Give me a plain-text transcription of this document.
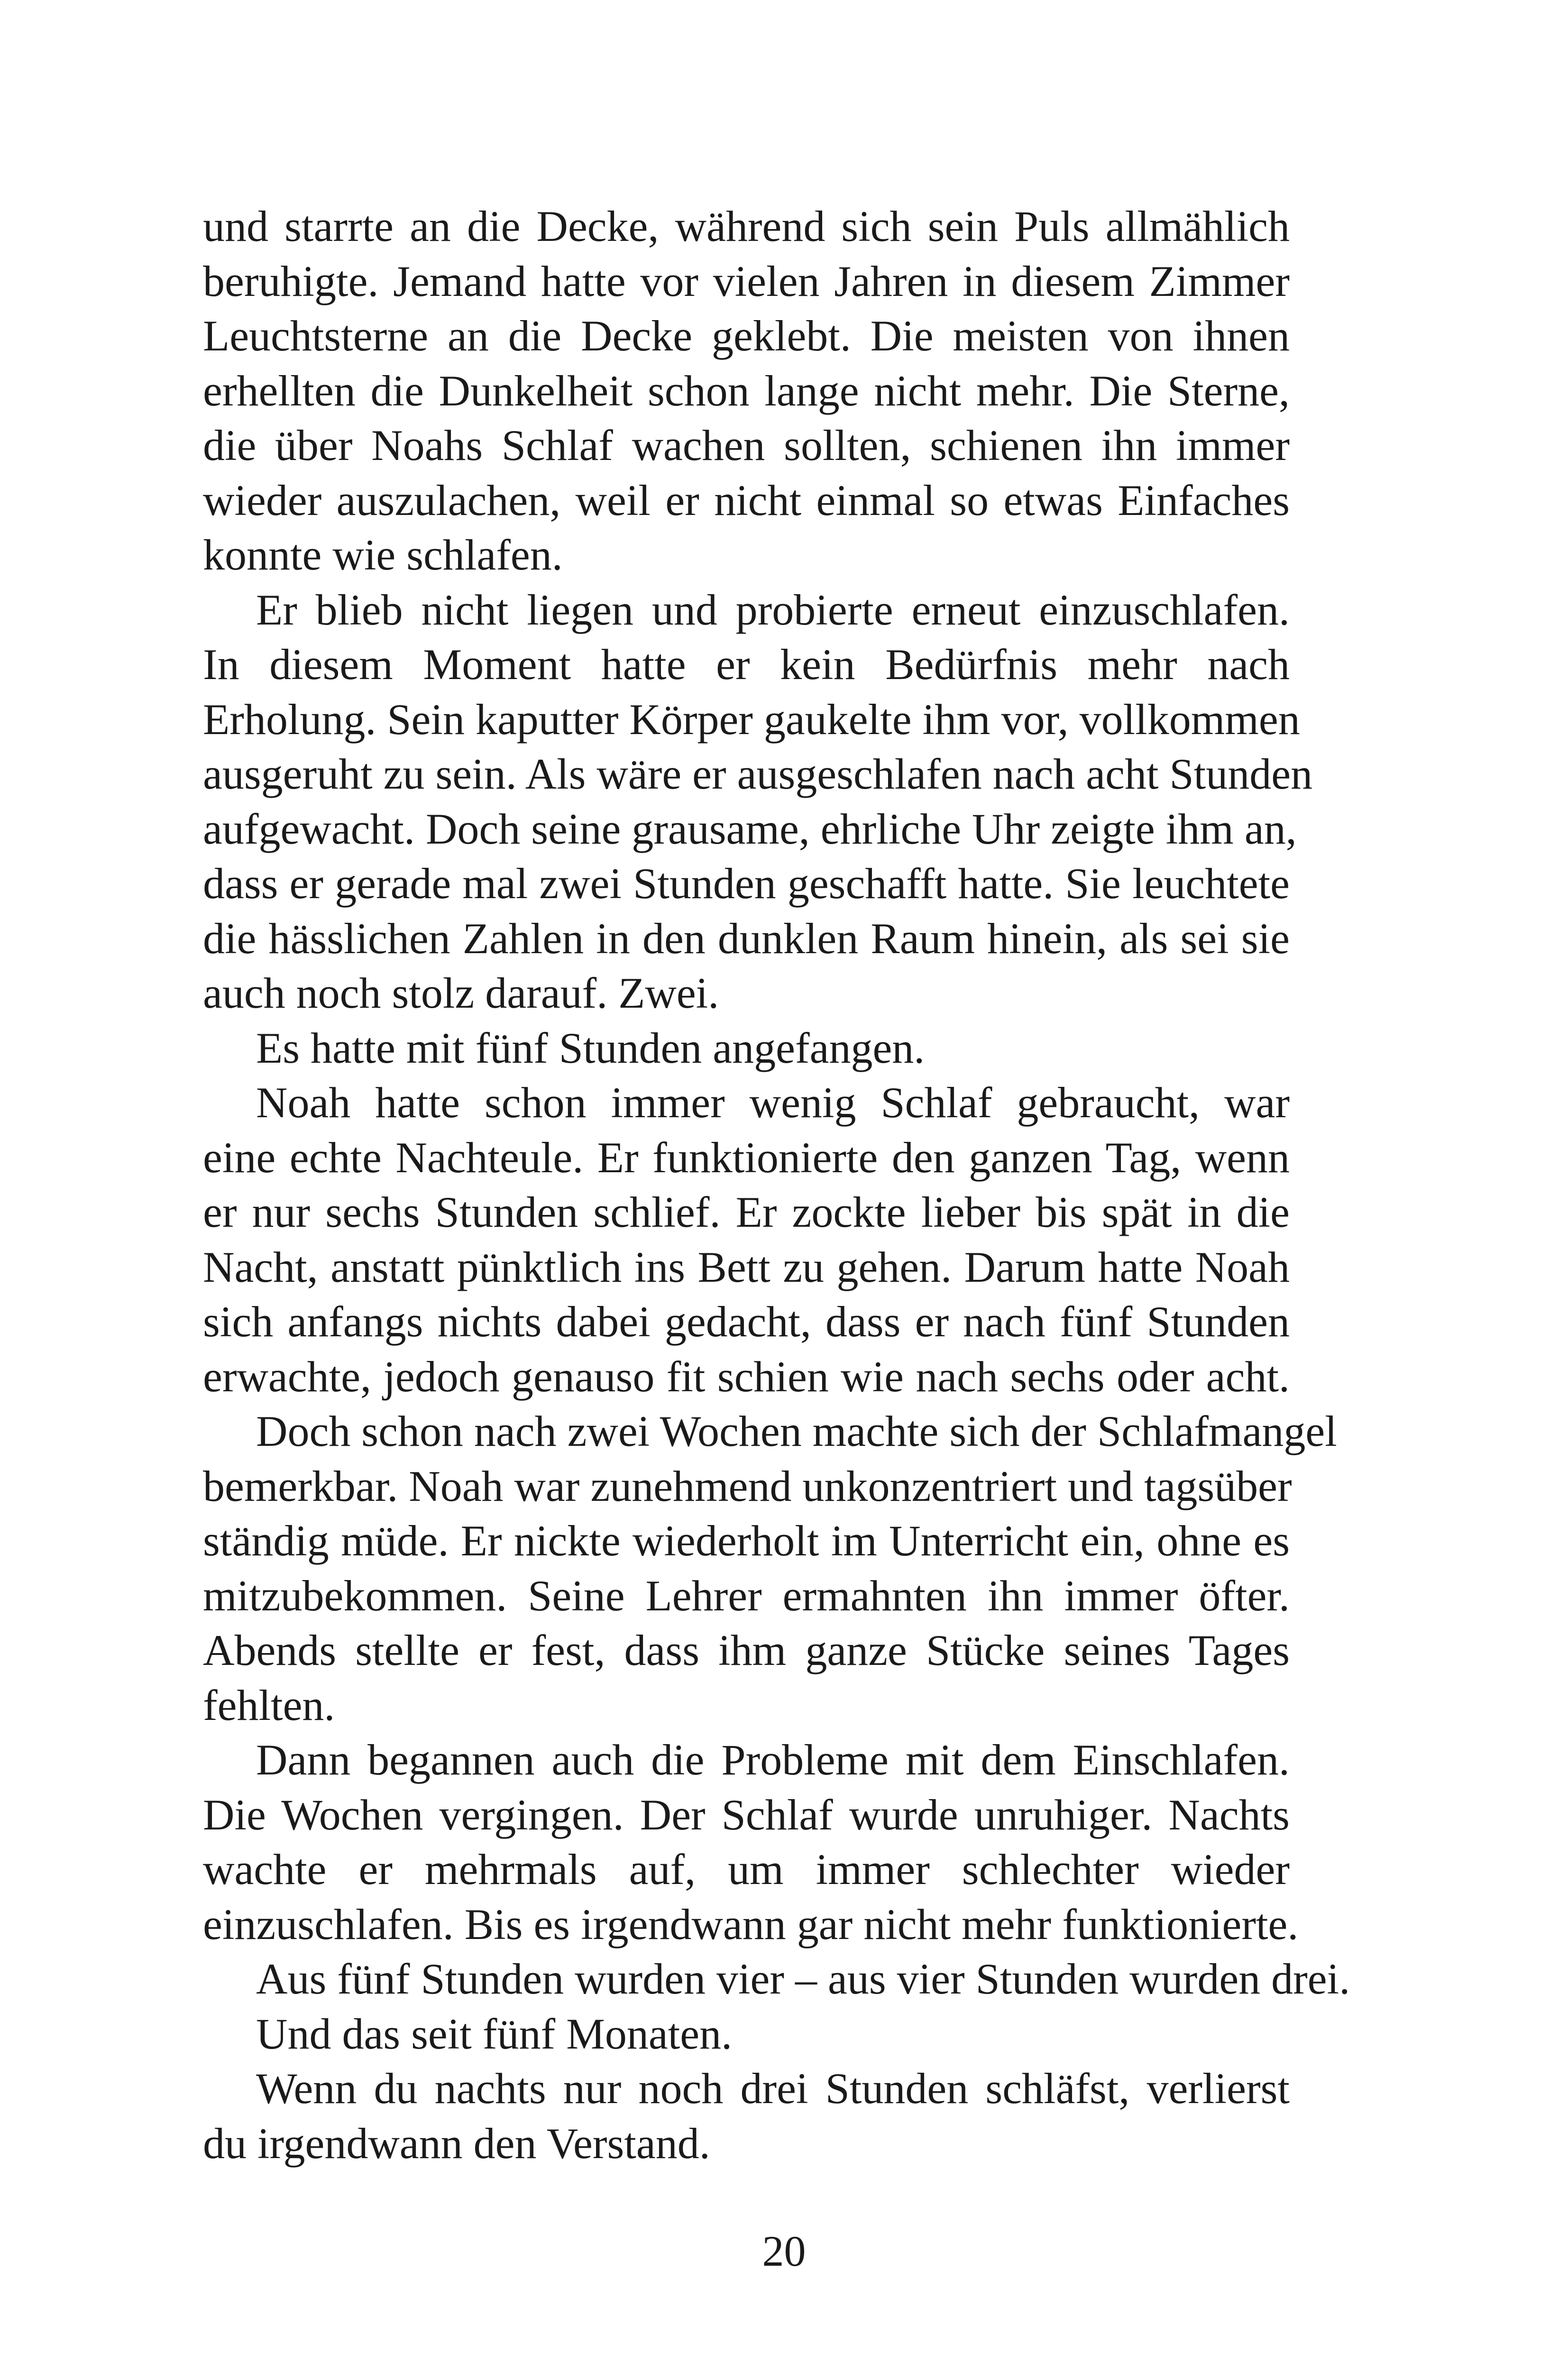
und starrte an die Decke, während sich sein Puls allmählich
beruhigte. Jemand hatte vor vielen Jahren in diesem Zimmer
Leuchtsterne an die Decke geklebt. Die meisten von ihnen
erhellten die Dunkelheit schon lange nicht mehr. Die Sterne,
die über Noahs Schlaf wachen sollten, schienen ihn immer
wieder auszulachen, weil er nicht einmal so etwas Einfaches
konnte wie schlafen.
Er blieb nicht liegen und probierte erneut einzuschlafen.
In diesem Moment hatte er kein Bedürfnis mehr nach
Erholung. Sein kaputter Körper gaukelte ihm vor, vollkommen
ausgeruht zu sein. Als wäre er ausgeschlafen nach acht Stunden
aufgewacht. Doch seine grausame, ehrliche Uhr zeigte ihm an,
dass er gerade mal zwei Stunden geschafft hatte. Sie leuchtete
die hässlichen Zahlen in den dunklen Raum hinein, als sei sie
auch noch stolz darauf. Zwei.
Es hatte mit fünf Stunden angefangen.
Noah hatte schon immer wenig Schlaf gebraucht, war
eine echte Nachteule. Er funktionierte den ganzen Tag, wenn
er nur sechs Stunden schlief. Er zockte lieber bis spät in die
Nacht, anstatt pünktlich ins Bett zu gehen. Darum hatte Noah
sich anfangs nichts dabei gedacht, dass er nach fünf Stunden
erwachte, jedoch genauso fit schien wie nach sechs oder acht.
Doch schon nach zwei Wochen machte sich der Schlafmangel
bemerkbar. Noah war zunehmend unkonzentriert und tagsüber
ständig müde. Er nickte wiederholt im Unterricht ein, ohne es
mitzubekommen. Seine Lehrer ermahnten ihn immer öfter.
Abends stellte er fest, dass ihm ganze Stücke seines Tages
fehlten.
Dann begannen auch die Probleme mit dem Einschlafen.
Die Wochen vergingen. Der Schlaf wurde unruhiger. Nachts
wachte er mehrmals auf, um immer schlechter wieder
einzuschlafen. Bis es irgendwann gar nicht mehr funktionierte.
Aus fünf Stunden wurden vier – aus vier Stunden wurden drei.
Und das seit fünf Monaten.
Wenn du nachts nur noch drei Stunden schläfst, verlierst
du irgendwann den Verstand.
20
